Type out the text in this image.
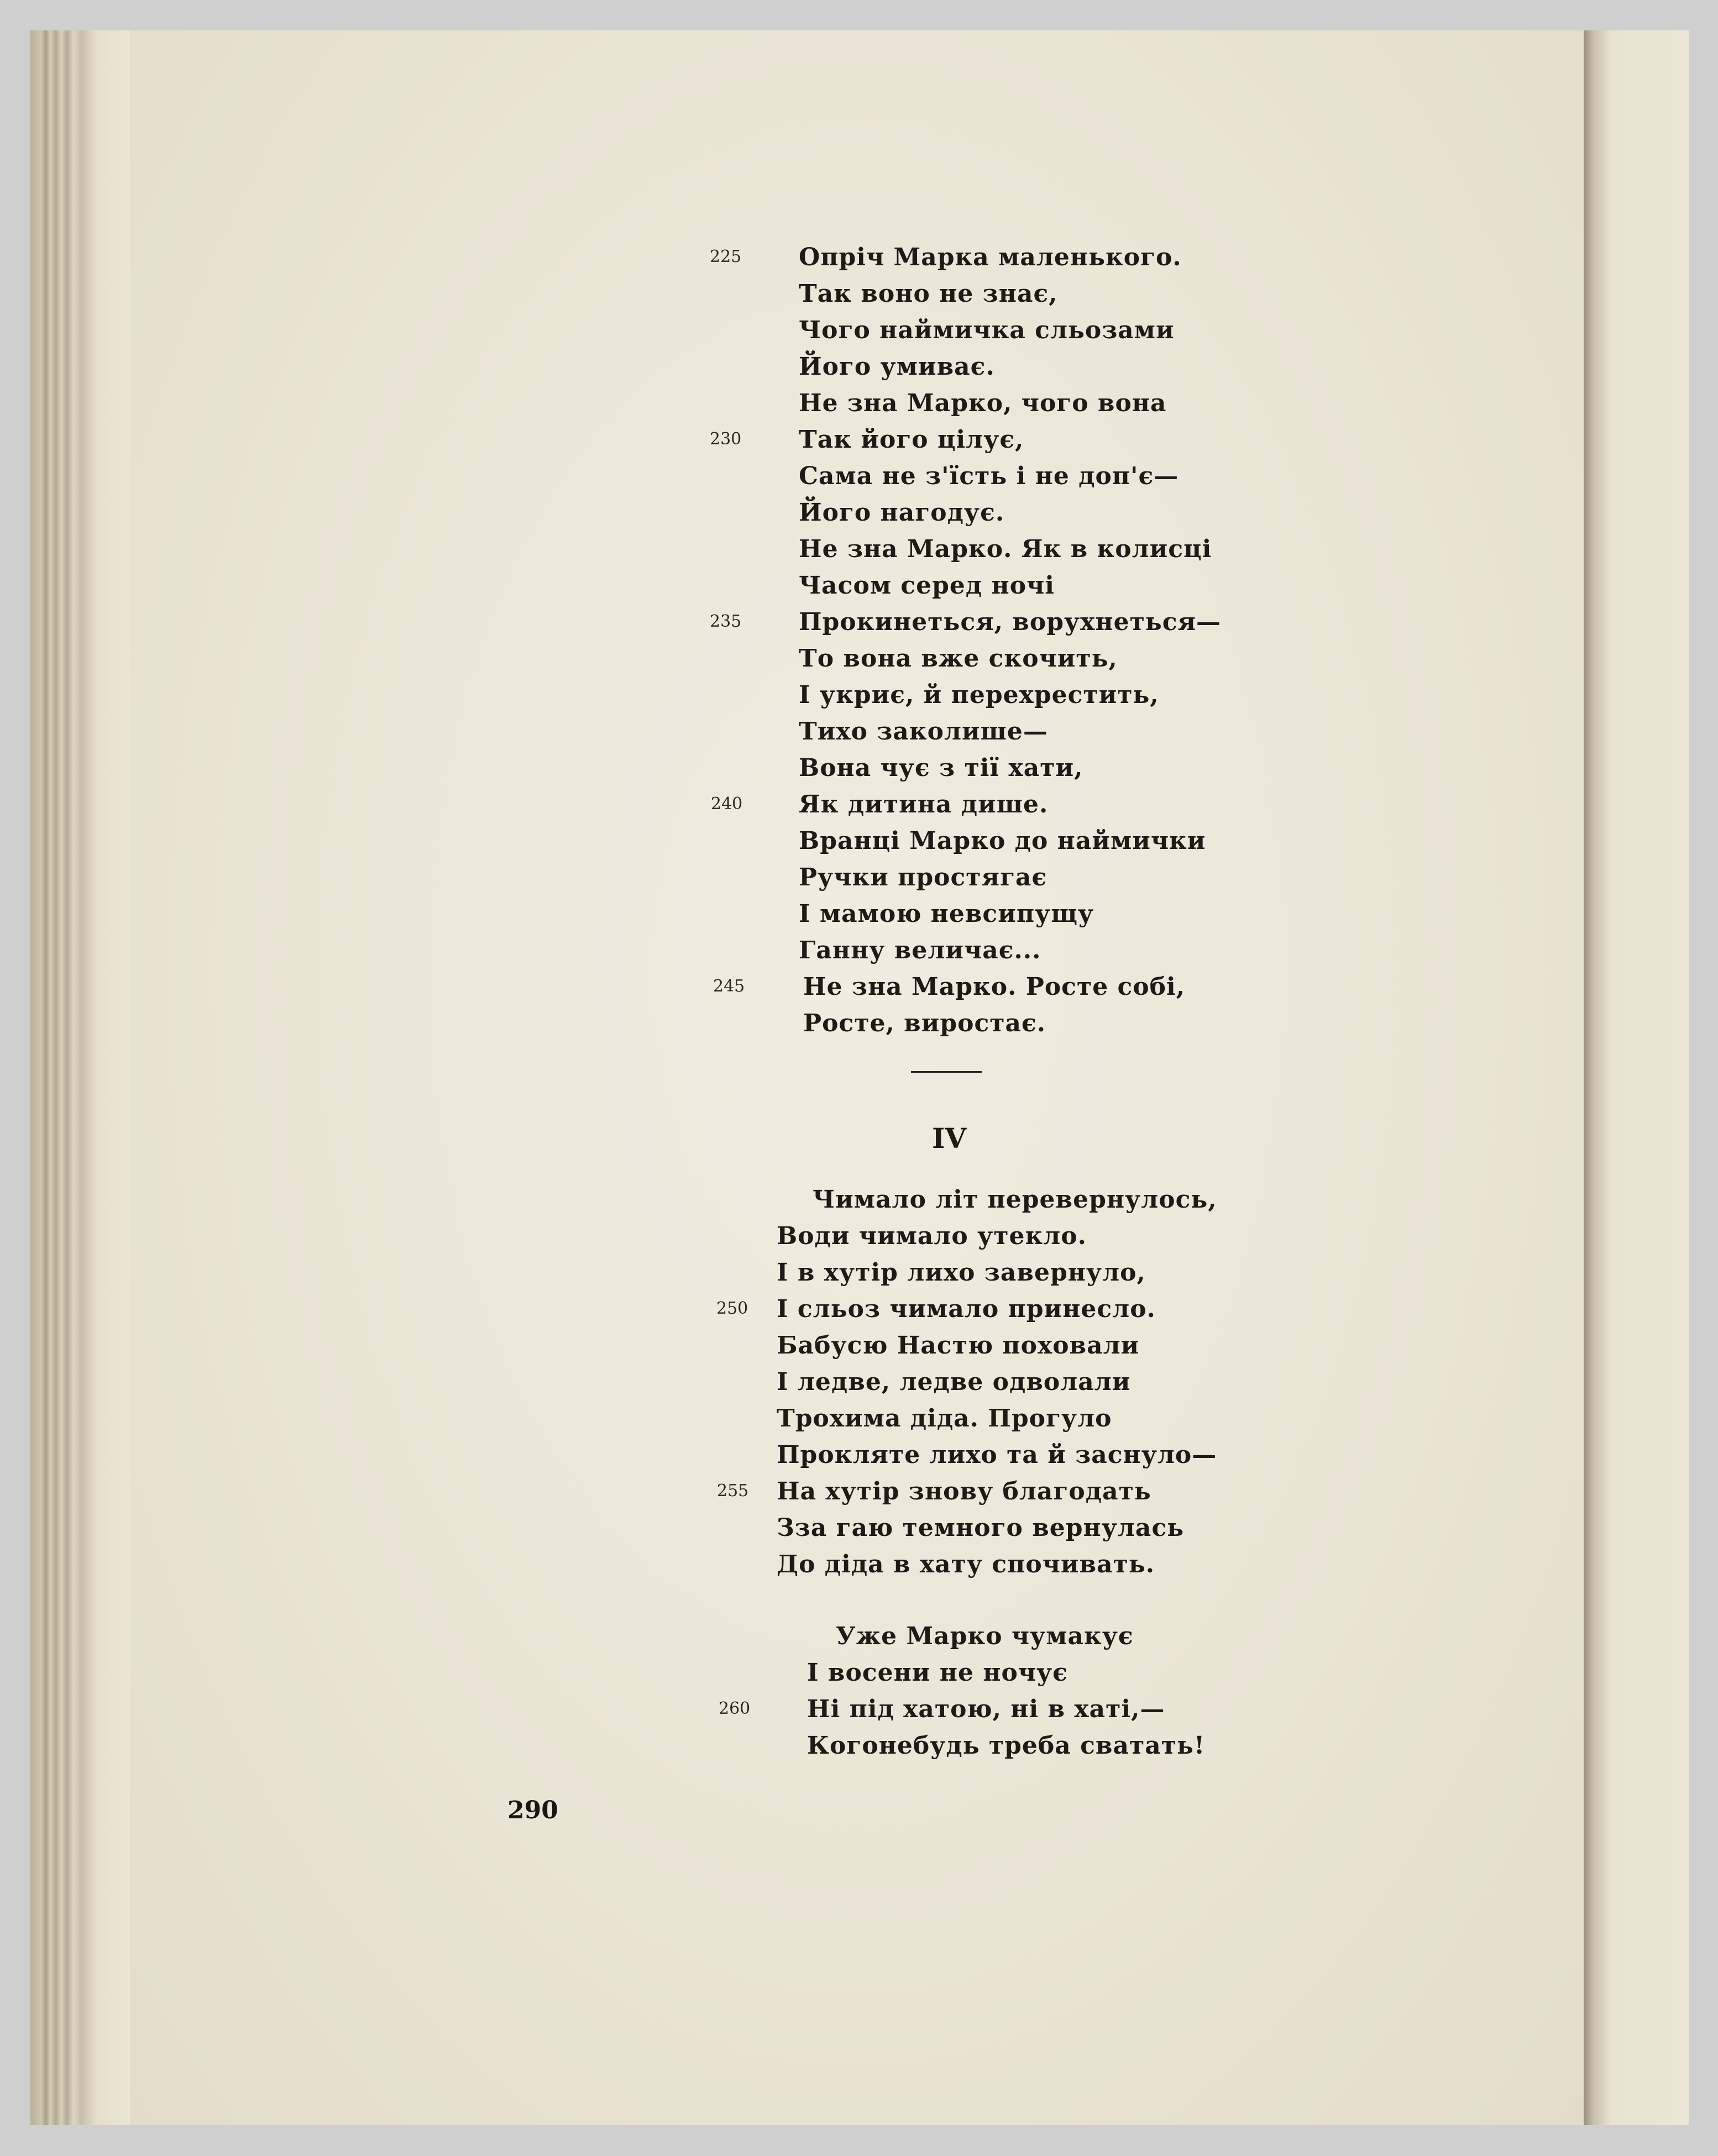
225 Опріч Марка маленького.
Так воно не знає,
Чого наймичка сльозами
Його умиває.
Не зна Марко, чого вона
230 Так його цілує,
Сама не з'їсть і не доп'є—
Його нагодує.
Не зна Марко. Як в колисці
Часом серед ночі
235 Прокинеться, ворухнеться—
То вона вже скочить,
І укриє, й перехрестить,
Тихо заколише—
Вона чує з тії хати,
240 Як дитина дише.
Вранці Марко до наймички
Ручки простягає
І мамою невсипущу
Ганну величає...
245 Не зна Марко. Росте собі,
Росте, виростає.
IV
Чимало літ перевернулось,
Води чимало утекло.
І в хутір лихо завернуло,
250 І сльоз чимало принесло.
Бабусю Настю поховали
І ледве, ледве одволали
Трохима діда. Прогуло
Прокляте лихо та й заснуло—
255 На хутір знову благодать
Зза гаю темного вернулась
До діда в хату спочивать.
Уже Марко чумакує
І восени не ночує
260 Ні під хатою, ні в хаті,—
Когонебудь треба сватать!
290
